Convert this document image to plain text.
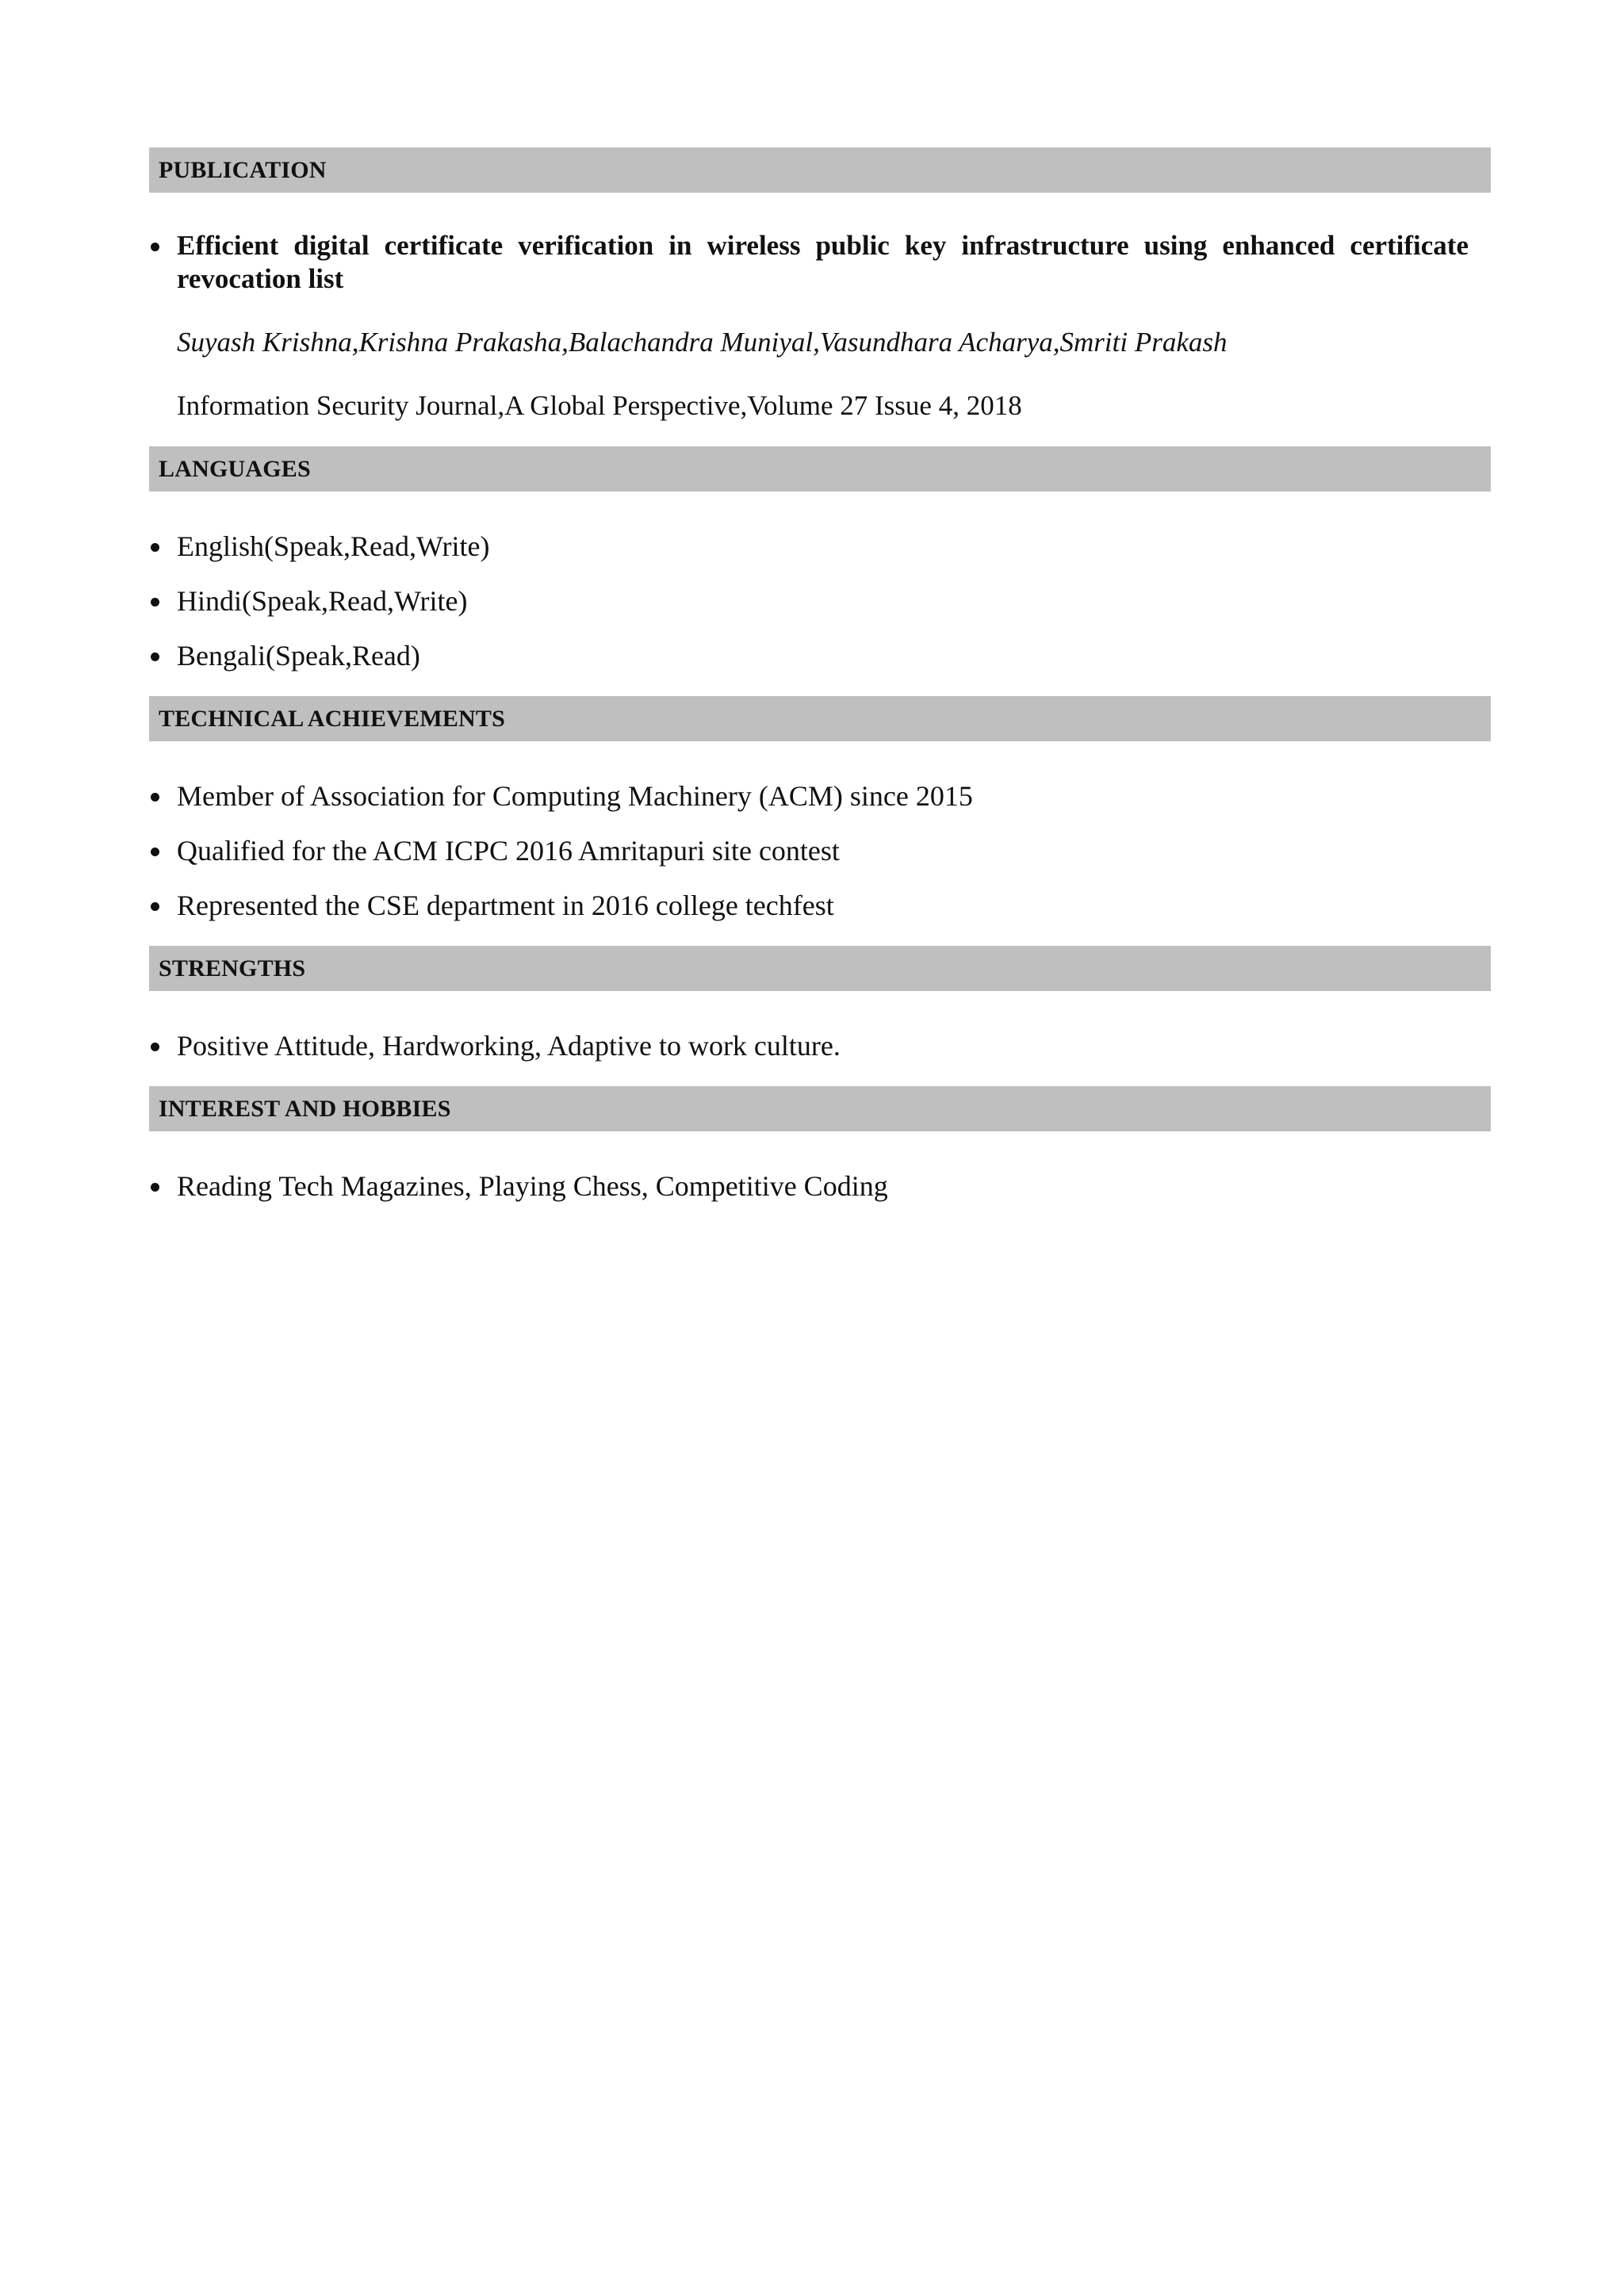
PUBLICATION
Efficient digital certificate verification in wireless public key infrastructure using enhanced certificate revocation list
Suyash Krishna,Krishna Prakasha,Balachandra Muniyal,Vasundhara Acharya,Smriti Prakash
Information Security Journal,A Global Perspective,Volume 27 Issue 4, 2018
LANGUAGES
English(Speak,Read,Write)
Hindi(Speak,Read,Write)
Bengali(Speak,Read)
TECHNICAL ACHIEVEMENTS
Member of Association for Computing Machinery (ACM) since 2015
Qualified for the ACM ICPC 2016 Amritapuri site contest
Represented the CSE department in 2016 college techfest
STRENGTHS
Positive Attitude, Hardworking, Adaptive to work culture.
INTEREST AND HOBBIES
Reading Tech Magazines, Playing Chess, Competitive Coding
